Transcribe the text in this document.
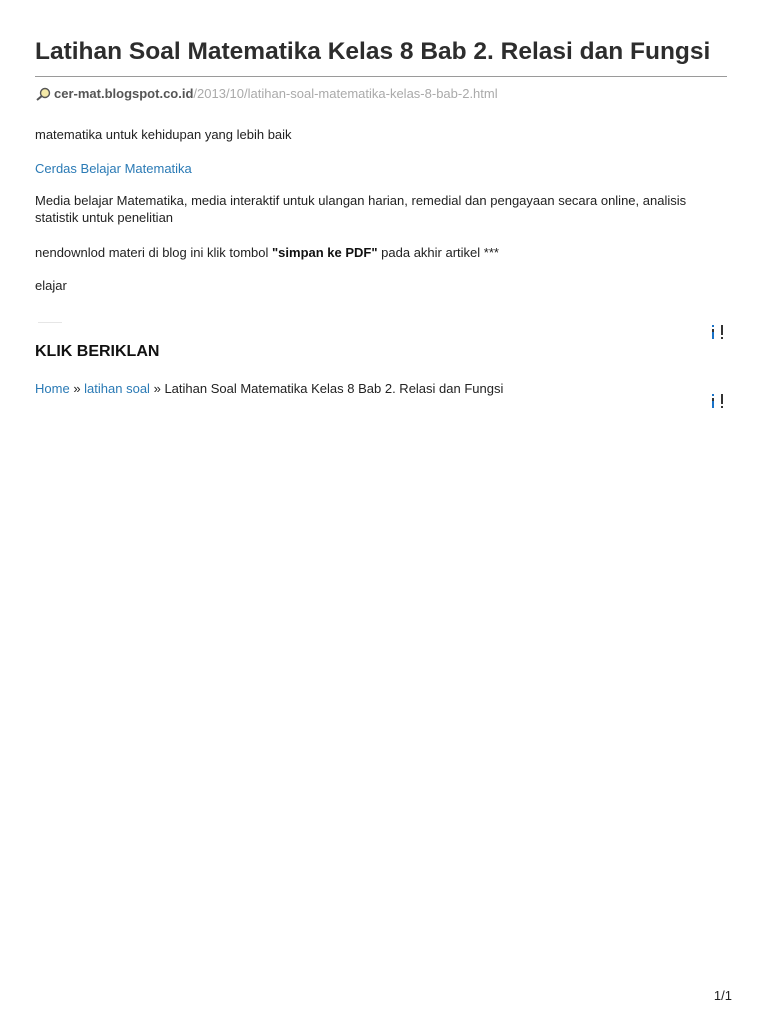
Latihan Soal Matematika Kelas 8 Bab 2. Relasi dan Fungsi
cer-mat.blogspot.co.id/2013/10/latihan-soal-matematika-kelas-8-bab-2.html
matematika untuk kehidupan yang lebih baik
Cerdas Belajar Matematika
Media belajar Matematika, media interaktif untuk ulangan harian, remedial dan pengayaan secara online, analisis statistik untuk penelitian
nendownlod materi di blog ini klik tombol "simpan ke PDF" pada akhir artikel ***
elajar
KLIK BERIKLAN
Home » latihan soal » Latihan Soal Matematika Kelas 8 Bab 2. Relasi dan Fungsi
1/1
